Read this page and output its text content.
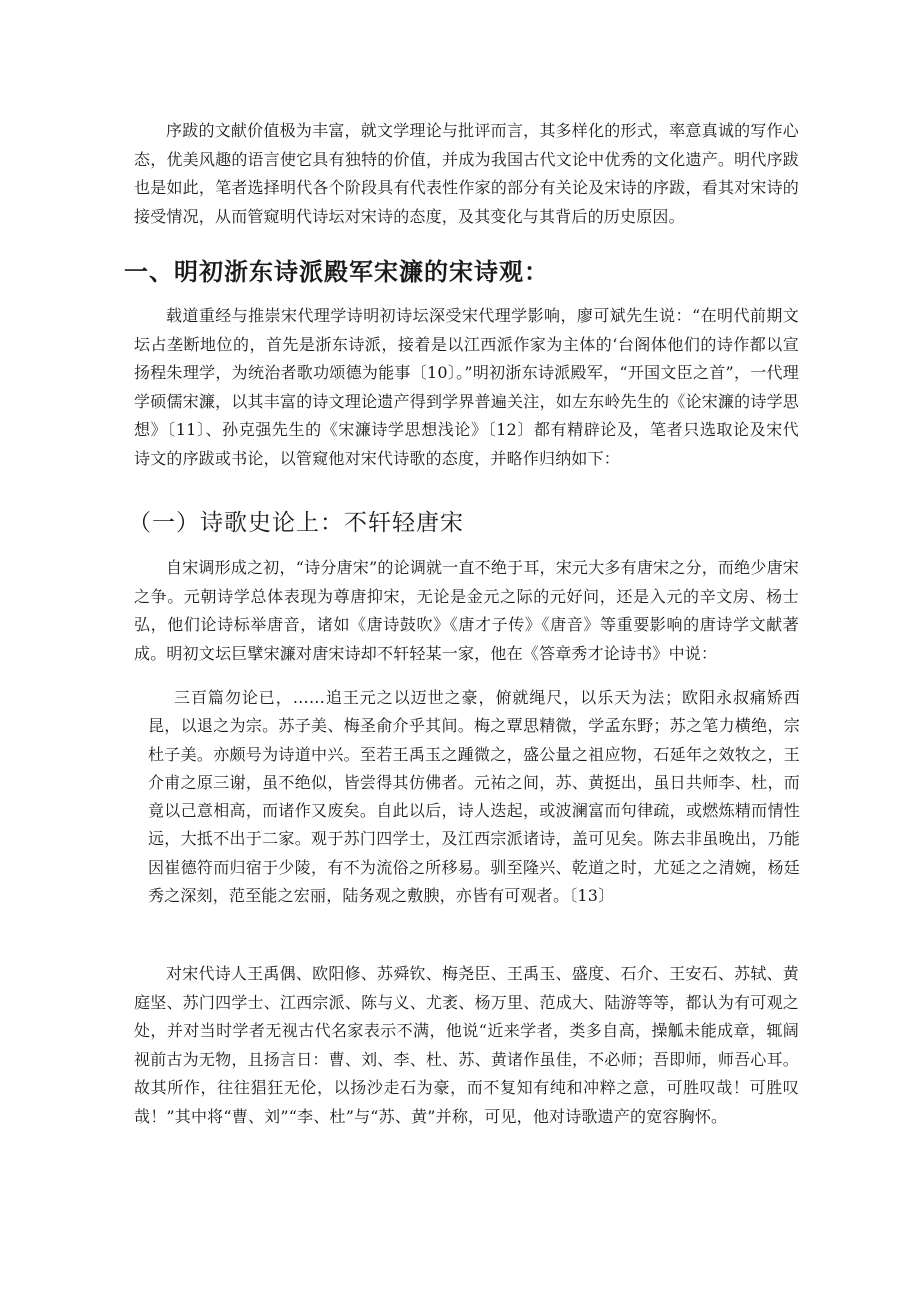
序跋的文献价值极为丰富，就文学理论与批评而言，其多样化的形式，率意真诚的写作心态，优美风趣的语言使它具有独特的价值，并成为我国古代文论中优秀的文化遗产。明代序跋也是如此，笔者选择明代各个阶段具有代表性作家的部分有关论及宋诗的序跋，看其对宋诗的接受情况，从而管窥明代诗坛对宋诗的态度，及其变化与其背后的历史原因。

一、明初浙东诗派殿军宋濂的宋诗观：

载道重经与推崇宋代理学诗明初诗坛深受宋代理学影响，廖可斌先生说：“在明代前期文坛占垄断地位的，首先是浙东诗派，接着是以江西派作家为主体的‘台阁体他们的诗作都以宣扬程朱理学，为统治者歌功颂德为能事〔10〕。”明初浙东诗派殿军，“开国文臣之首”，一代理学硕儒宋濂，以其丰富的诗文理论遗产得到学界普遍关注，如左东岭先生的《论宋濂的诗学思想》〔11〕、孙克强先生的《宋濂诗学思想浅论》〔12〕都有精辟论及，笔者只选取论及宋代诗文的序跋或书论，以管窥他对宋代诗歌的态度，并略作归纳如下：

（一）诗歌史论上：不轩轻唐宋

自宋调形成之初，“诗分唐宋”的论调就一直不绝于耳，宋元大多有唐宋之分，而绝少唐宋之争。元朝诗学总体表现为尊唐抑宋，无论是金元之际的元好问，还是入元的辛文房、杨士弘，他们论诗标举唐音，诸如《唐诗鼓吹》《唐才子传》《唐音》等重要影响的唐诗学文献著成。明初文坛巨擘宋濂对唐宋诗却不轩轻某一家，他在《答章秀才论诗书》中说：

三百篇勿论已，……追王元之以迈世之豪，俯就绳尺，以乐天为法；欧阳永叔痛矫西昆，以退之为宗。苏子美、梅圣俞介乎其间。梅之覃思精微，学孟东野；苏之笔力横绝，宗杜子美。亦颇号为诗道中兴。至若王禹玉之踵微之，盛公量之祖应物，石延年之效牧之，王介甫之原三谢，虽不绝似，皆尝得其仿佛者。元祐之间，苏、黄挺出，虽日共师李、杜，而竟以己意相高，而诸作又废矣。自此以后，诗人迭起，或波澜富而句律疏，或燃炼精而情性远，大抵不出于二家。观于苏门四学士，及江西宗派诸诗，盖可见矣。陈去非虽晚出，乃能因崔德符而归宿于少陵，有不为流俗之所移易。驯至隆兴、乾道之时，尤延之之清婉，杨廷秀之深刻，范至能之宏丽，陆务观之敷腴，亦皆有可观者。〔13〕

对宋代诗人王禹偶、欧阳修、苏舜钦、梅尧臣、王禹玉、盛度、石介、王安石、苏轼、黄庭坚、苏门四学士、江西宗派、陈与义、尤袤、杨万里、范成大、陆游等等，都认为有可观之处，并对当时学者无视古代名家表示不满，他说“近来学者，类多自高，操觚未能成章，辄阔视前古为无物，且扬言日：曹、刘、李、杜、苏、黄诸作虽佳，不必师；吾即师，师吾心耳。故其所作，往往猖狂无伦，以扬沙走石为豪，而不复知有纯和冲粹之意，可胜叹哉！可胜叹哉！”其中将“曹、刘”“李、杜”与“苏、黄”并称，可见，他对诗歌遗产的宽容胸怀。
